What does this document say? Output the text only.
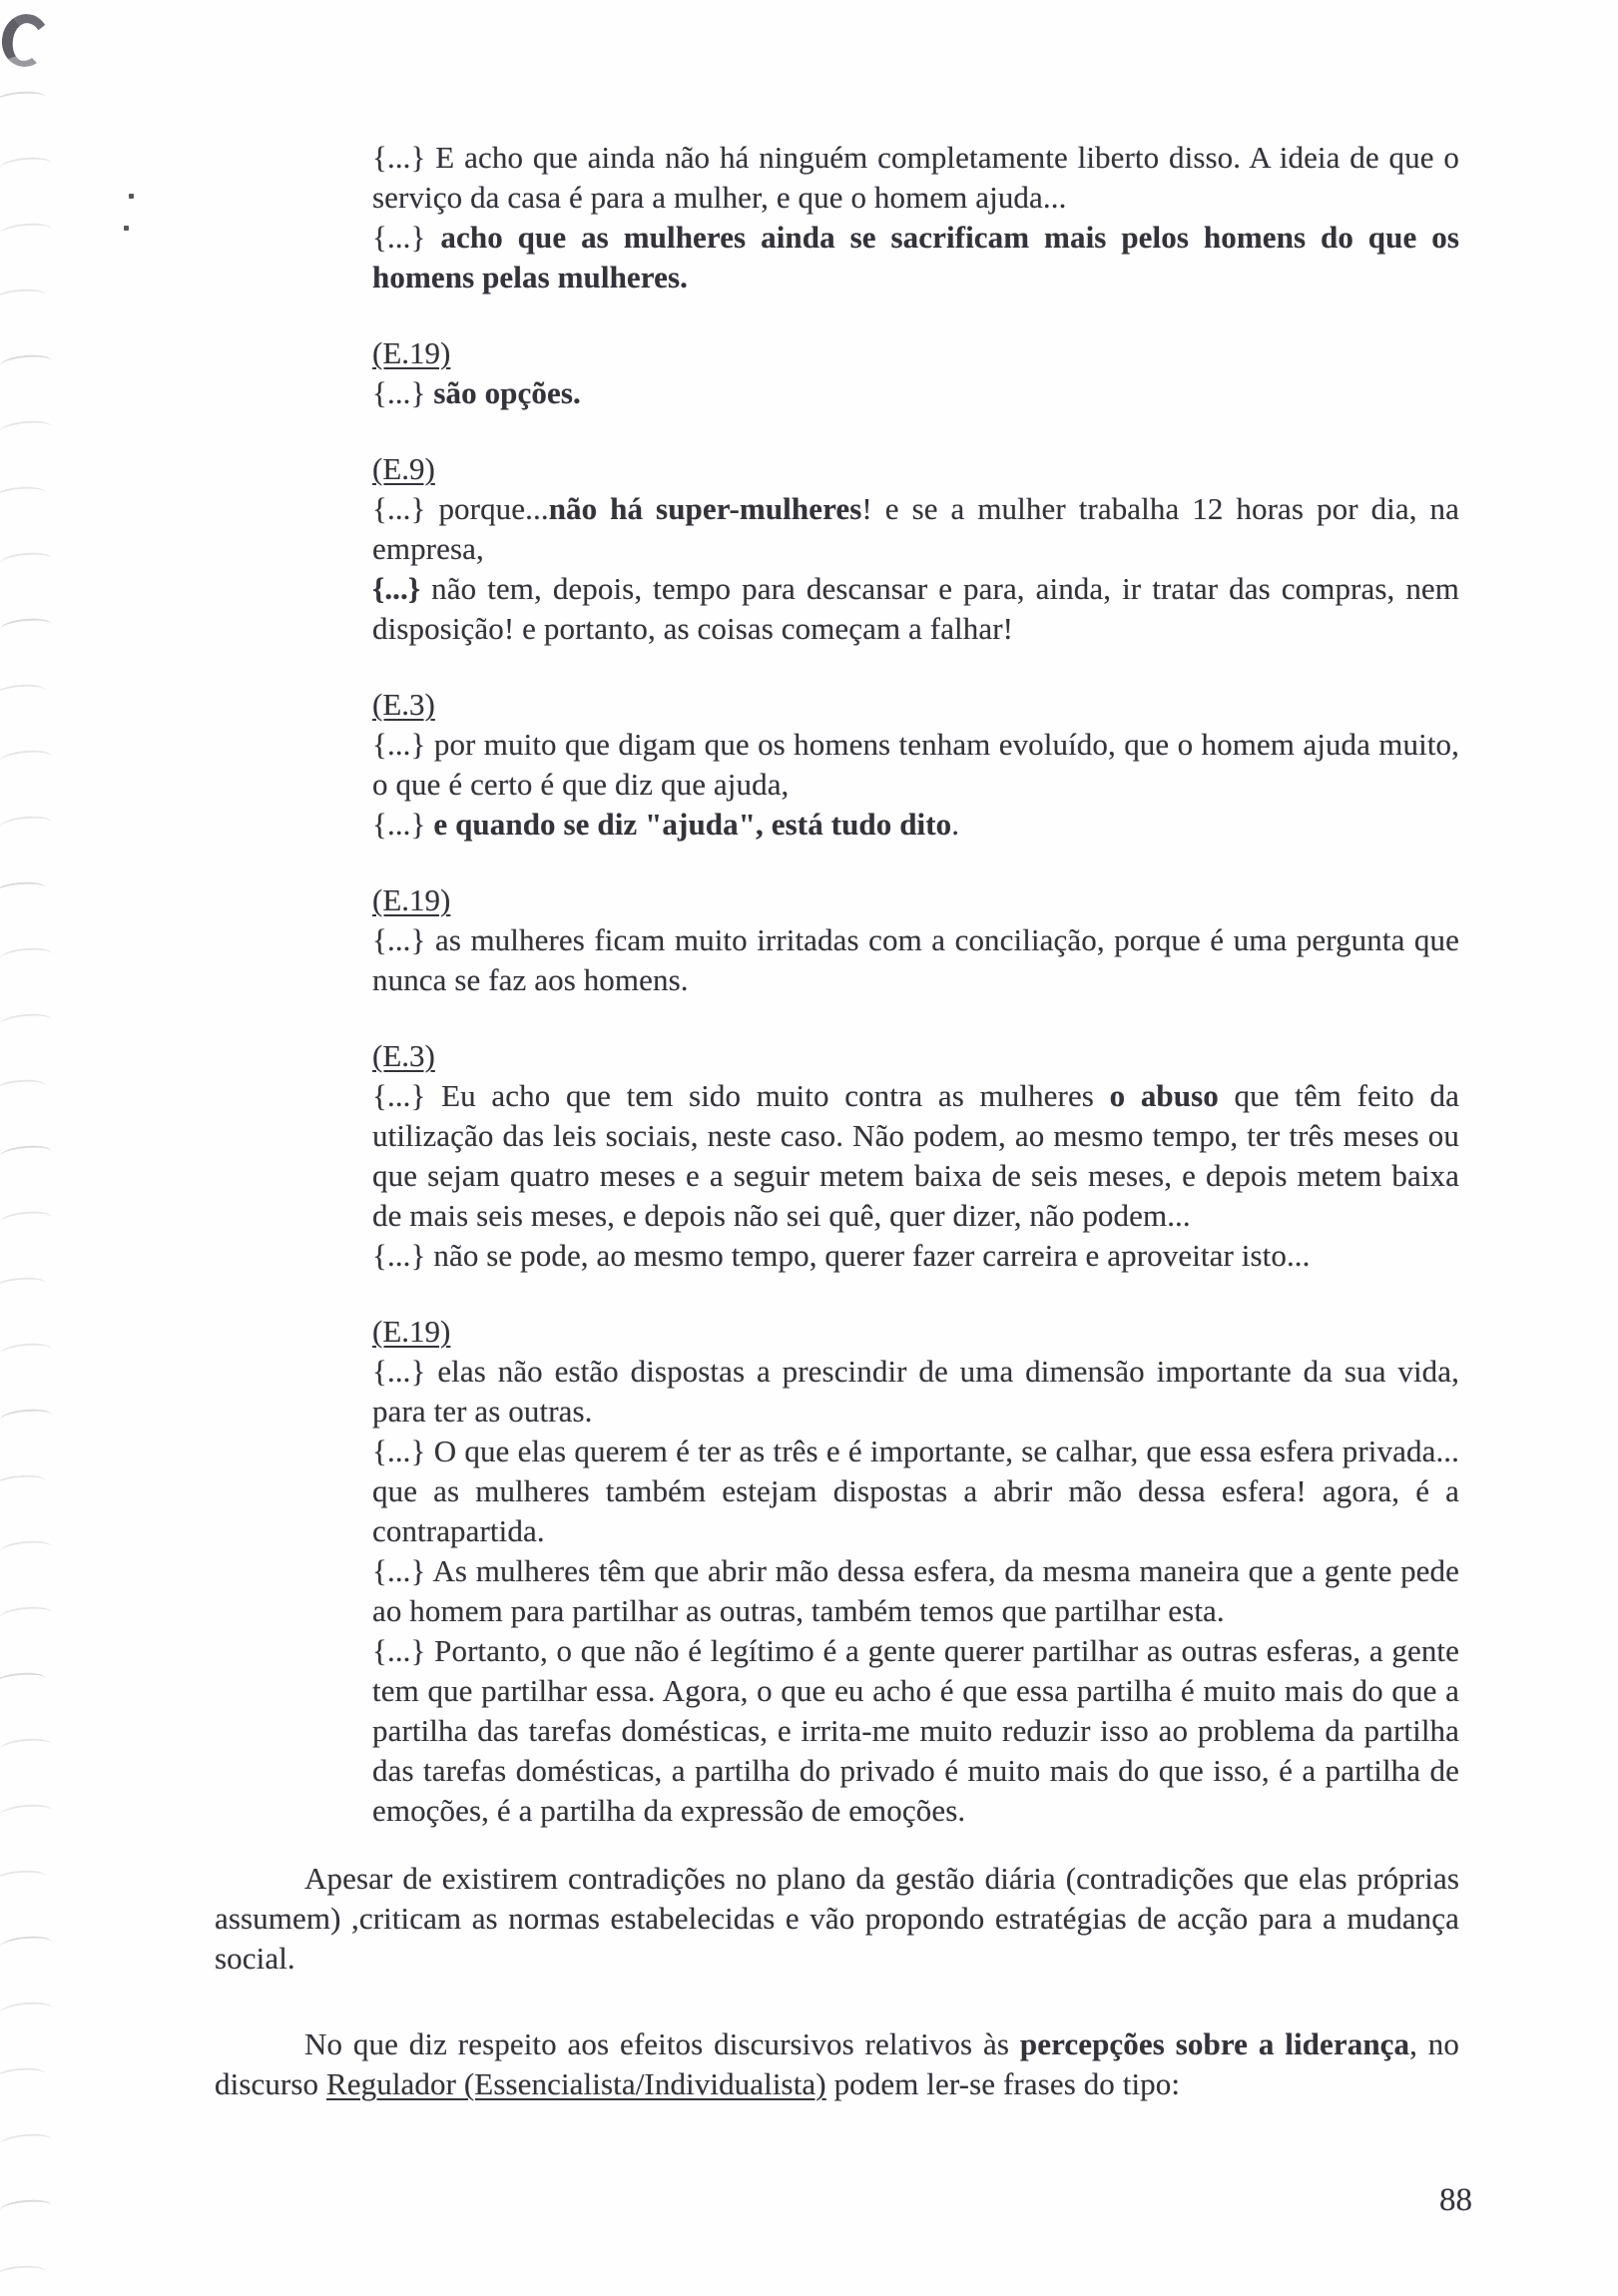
{...} E acho que ainda não há ninguém completamente liberto disso. A ideia de que o serviço da casa é para a mulher, e que o homem ajuda...

{...} acho que as mulheres ainda se sacrificam mais pelos homens do que os homens pelas mulheres.

(E.19)

{...} são opções.

(E.9)

{...} porque...não há super-mulheres! e se a mulher trabalha 12 horas por dia, na empresa,

{...} não tem, depois, tempo para descansar e para, ainda, ir tratar das compras, nem disposição! e portanto, as coisas começam a falhar!

(E.3)

{...} por muito que digam que os homens tenham evoluído, que o homem ajuda muito, o que é certo é que diz que ajuda,

{...} e quando se diz "ajuda", está tudo dito.

(E.19)

{...} as mulheres ficam muito irritadas com a conciliação, porque é uma pergunta que nunca se faz aos homens.

(E.3)

{...} Eu acho que tem sido muito contra as mulheres o abuso que têm feito da utilização das leis sociais, neste caso. Não podem, ao mesmo tempo, ter três meses ou que sejam quatro meses e a seguir metem baixa de seis meses, e depois metem baixa de mais seis meses, e depois não sei quê, quer dizer, não podem...

{...} não se pode, ao mesmo tempo, querer fazer carreira e aproveitar isto...

(E.19)

{...} elas não estão dispostas a prescindir de uma dimensão importante da sua vida, para ter as outras.

{...} O que elas querem é ter as três e é importante, se calhar, que essa esfera privada... que as mulheres também estejam dispostas a abrir mão dessa esfera! agora, é a contrapartida.

{...} As mulheres têm que abrir mão dessa esfera, da mesma maneira que a gente pede ao homem para partilhar as outras, também temos que partilhar esta.

{...} Portanto, o que não é legítimo é a gente querer partilhar as outras esferas, a gente tem que partilhar essa. Agora, o que eu acho é que essa partilha é muito mais do que a partilha das tarefas domésticas, e irrita-me muito reduzir isso ao problema da partilha das tarefas domésticas, a partilha do privado é muito mais do que isso, é a partilha de emoções, é a partilha da expressão de emoções.

Apesar de existirem contradições no plano da gestão diária (contradições que elas próprias assumem) ,criticam as normas estabelecidas e vão propondo estratégias de acção para a mudança social.

No que diz respeito aos efeitos discursivos relativos às percepções sobre a liderança, no discurso Regulador (Essencialista/Individualista) podem ler-se frases do tipo:

88
